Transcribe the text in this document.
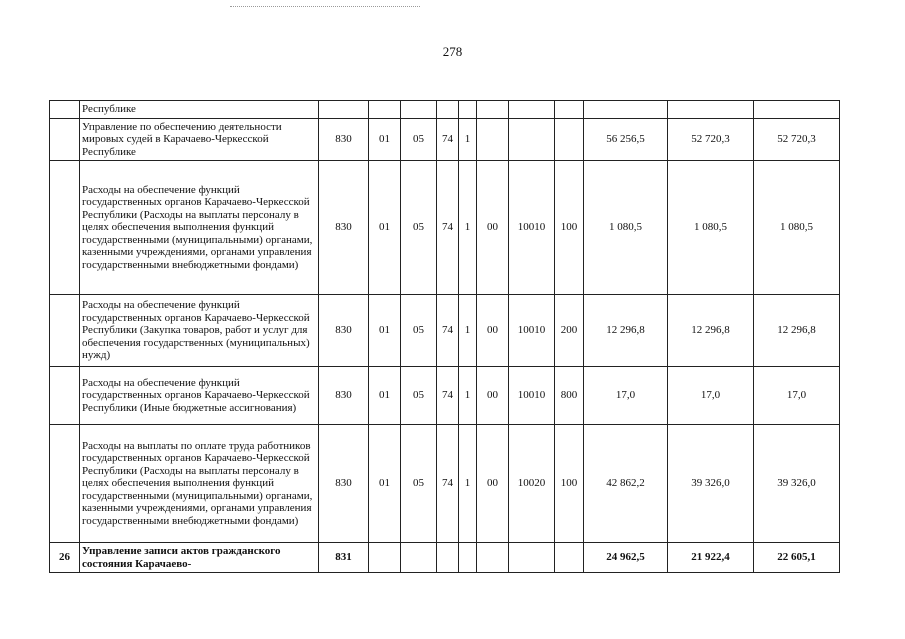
278
	Республике											
	Управление по обеспечению деятельности мировых судей в Карачаево-Черкесской Республике	830	01	05	74	1				56 256,5	52 720,3	52 720,3
	Расходы на обеспечение функций государственных органов Карачаево-Черкесской Республики (Расходы на выплаты персоналу в целях обеспечения выполнения функций государственными (муниципальными) органами, казенными учреждениями, органами управления государственными внебюджетными фондами)	830	01	05	74	1	00	10010	100	1 080,5	1 080,5	1 080,5
	Расходы на обеспечение функций государственных органов Карачаево-Черкесской Республики (Закупка товаров, работ и услуг для обеспечения государственных (муниципальных) нужд)	830	01	05	74	1	00	10010	200	12 296,8	12 296,8	12 296,8
	Расходы на обеспечение функций государственных органов Карачаево-Черкесской Республики (Иные бюджетные ассигнования)	830	01	05	74	1	00	10010	800	17,0	17,0	17,0
	Расходы на выплаты по оплате труда работников государственных органов Карачаево-Черкесской Республики (Расходы на выплаты персоналу в целях обеспечения выполнения функций государственными (муниципальными) органами, казенными учреждениями, органами управления государственными внебюджетными фондами)	830	01	05	74	1	00	10020	100	42 862,2	39 326,0	39 326,0
26	Управление записи актов гражданского состояния Карачаево-	831								24 962,5	21 922,4	22 605,1
